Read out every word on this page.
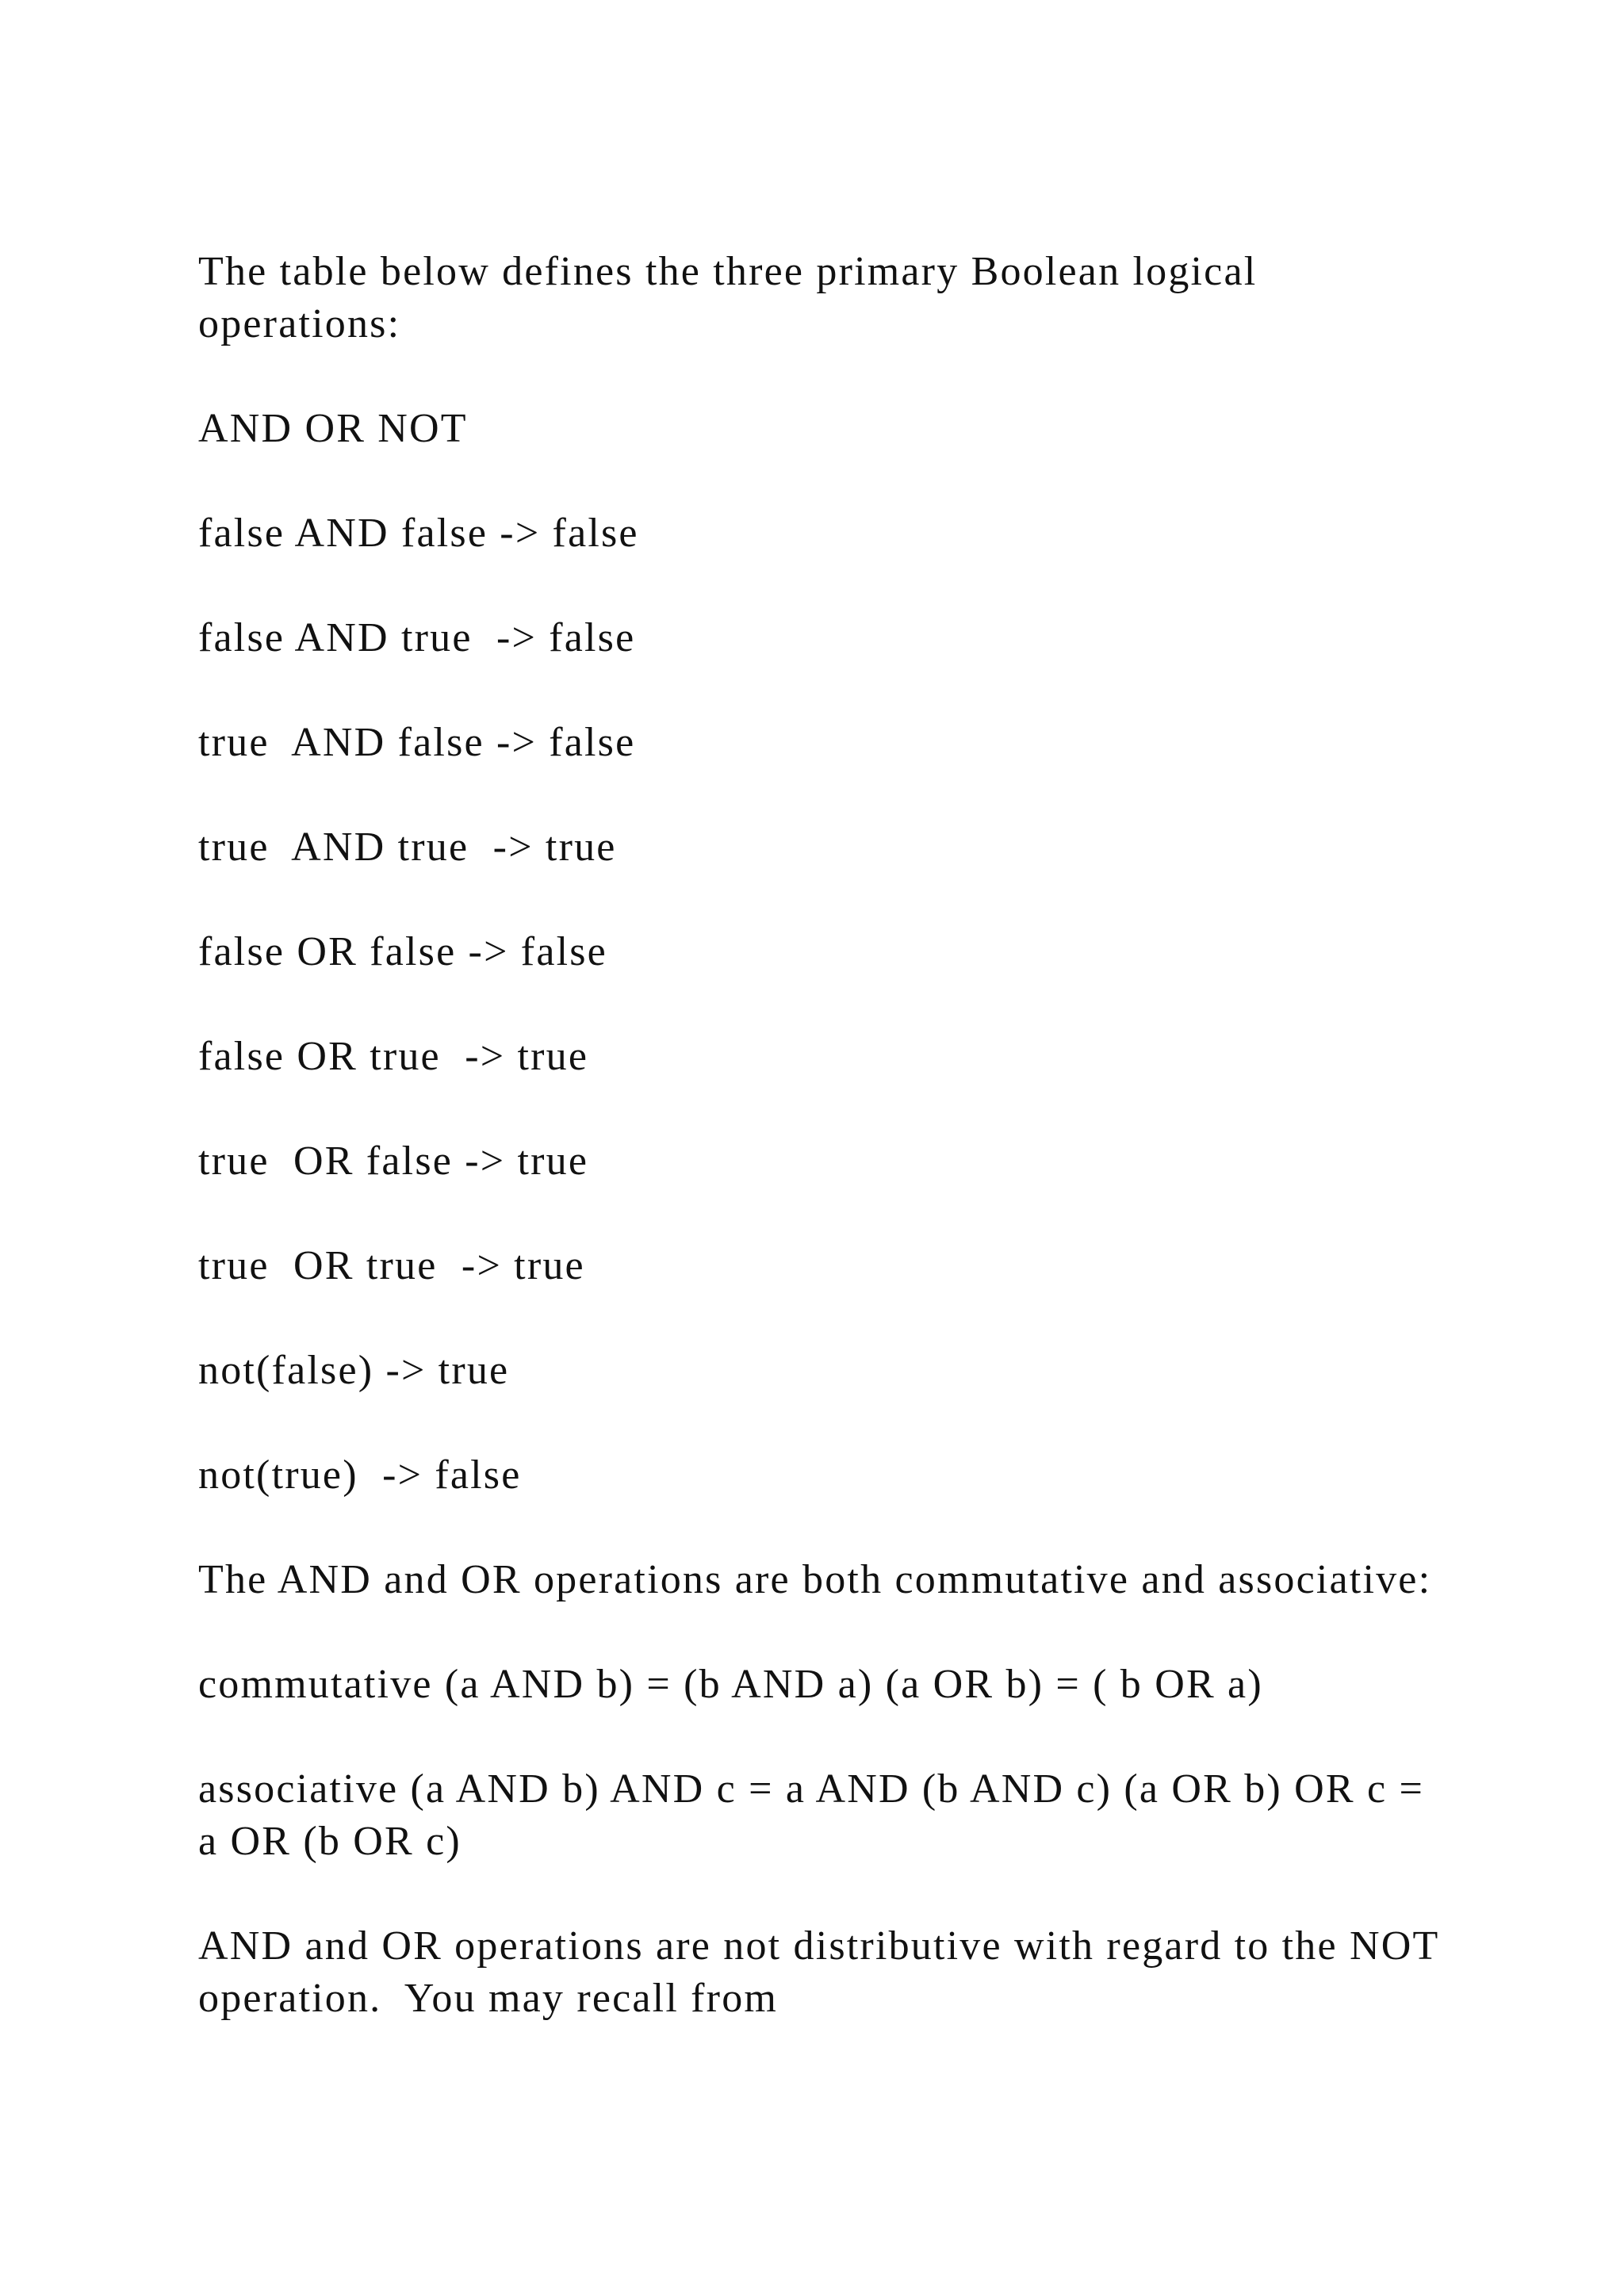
The table below defines the three primary Boolean logical operations:

AND OR NOT

false AND false -> false

false AND true  -> false

true  AND false -> false

true  AND true  -> true

false OR false -> false

false OR true  -> true

true  OR false -> true

true  OR true  -> true

not(false) -> true

not(true)  -> false

The AND and OR operations are both commutative and associative:

commutative (a AND b) = (b AND a) (a OR b) = ( b OR a)

associative (a AND b) AND c = a AND (b AND c) (a OR b) OR c = a OR (b OR c)

AND and OR operations are not distributive with regard to the NOT operation.  You may recall from
